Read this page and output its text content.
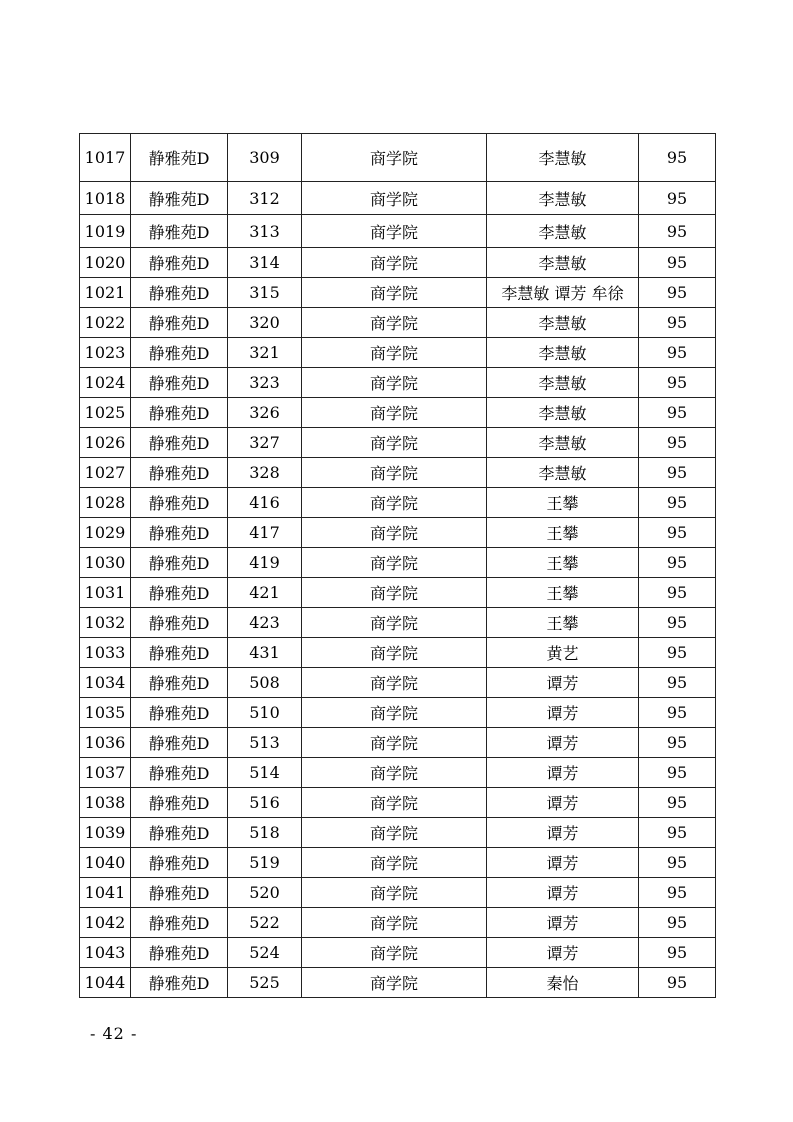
1017	静雅苑D	309	商学院	李慧敏	95
1018	静雅苑D	312	商学院	李慧敏	95
1019	静雅苑D	313	商学院	李慧敏	95
1020	静雅苑D	314	商学院	李慧敏	95
1021	静雅苑D	315	商学院	李慧敏 谭芳 牟徐	95
1022	静雅苑D	320	商学院	李慧敏	95
1023	静雅苑D	321	商学院	李慧敏	95
1024	静雅苑D	323	商学院	李慧敏	95
1025	静雅苑D	326	商学院	李慧敏	95
1026	静雅苑D	327	商学院	李慧敏	95
1027	静雅苑D	328	商学院	李慧敏	95
1028	静雅苑D	416	商学院	王攀	95
1029	静雅苑D	417	商学院	王攀	95
1030	静雅苑D	419	商学院	王攀	95
1031	静雅苑D	421	商学院	王攀	95
1032	静雅苑D	423	商学院	王攀	95
1033	静雅苑D	431	商学院	黄艺	95
1034	静雅苑D	508	商学院	谭芳	95
1035	静雅苑D	510	商学院	谭芳	95
1036	静雅苑D	513	商学院	谭芳	95
1037	静雅苑D	514	商学院	谭芳	95
1038	静雅苑D	516	商学院	谭芳	95
1039	静雅苑D	518	商学院	谭芳	95
1040	静雅苑D	519	商学院	谭芳	95
1041	静雅苑D	520	商学院	谭芳	95
1042	静雅苑D	522	商学院	谭芳	95
1043	静雅苑D	524	商学院	谭芳	95
1044	静雅苑D	525	商学院	秦怡	95
- 42 -
